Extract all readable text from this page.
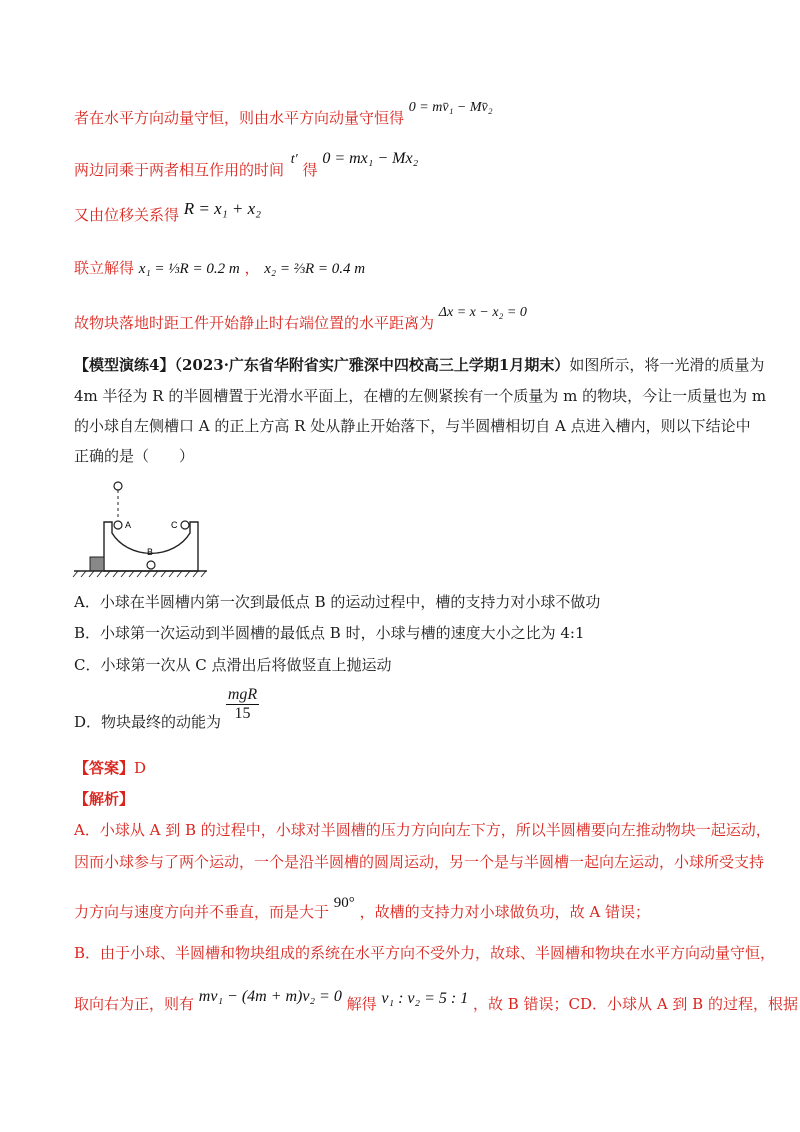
者在水平方向动量守恒，则由水平方向动量守恒得 0 = mv̄₁ − Mv̄₂
两边同乘于两者相互作用的时间 t′ 得 0 = mx₁ − Mx₂
又由位移关系得 R = x₁ + x₂
联立解得 x₁ = ⅓R = 0.2 m ， x₂ = ⅔R = 0.4 m
故物块落地时距工件开始静止时右端位置的水平距离为 Δx = x − x₂ = 0
【模型演练4】（2023·广东省华附省实广雅深中四校高三上学期1月期末）如图所示，将一光滑的质量为
4m 半径为 R 的半圆槽置于光滑水平面上，在槽的左侧紧挨有一个质量为 m 的物块，今让一质量也为 m
的小球自左侧槽口 A 的正上方高 R 处从静止开始落下，与半圆槽相切自 A 点进入槽内，则以下结论中
正确的是（　　）
A	C
B
A．小球在半圆槽内第一次到最低点 B 的运动过程中，槽的支持力对小球不做功
B．小球第一次运动到半圆槽的最低点 B 时，小球与槽的速度大小之比为 4:1
C．小球第一次从 C 点滑出后将做竖直上抛运动
D．物块最终的动能为 $\frac{\text{mgR}}{15}$
【答案】D
【解析】
A．小球从 A 到 B 的过程中，小球对半圆槽的压力方向向左下方，所以半圆槽要向左推动物块一起运动，
因而小球参与了两个运动，一个是沿半圆槽的圆周运动，另一个是与半圆槽一起向左运动，小球所受支持
力方向与速度方向并不垂直，而是大于 90° ，故槽的支持力对小球做负功，故 A 错误；
B．由于小球、半圆槽和物块组成的系统在水平方向不受外力，故球、半圆槽和物块在水平方向动量守恒，
取向右为正，则有 mv₁ − (4m + m)v₂ = 0 解得 v₁ : v₂ = 5 : 1 ，故 B 错误；CD．小球从 A 到 B 的过程，根据
